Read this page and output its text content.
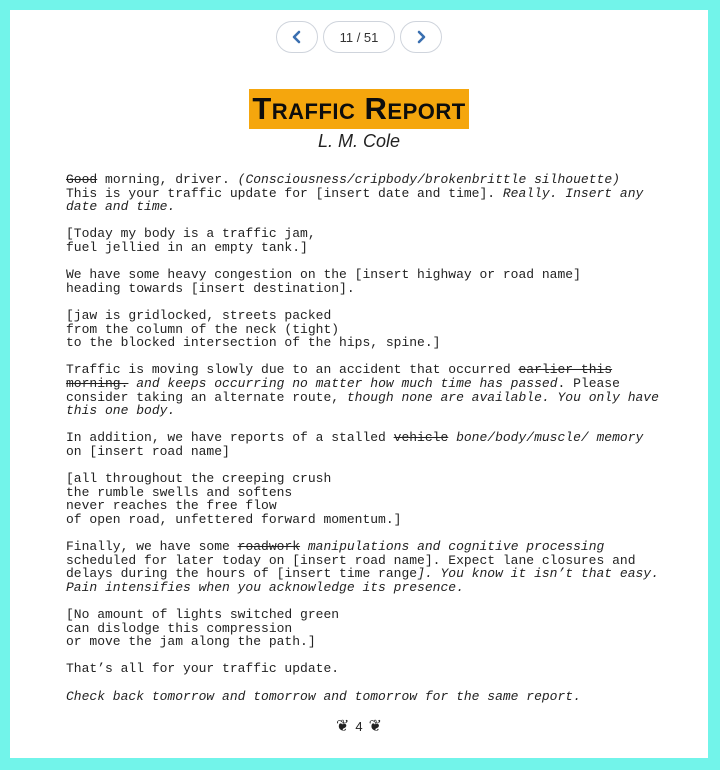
11 / 51
Traffic Report
L. M. Cole

Good morning, driver. (Consciousness/cripbody/brokenbrittle silhouette)
This is your traffic update for [insert date and time]. Really. Insert any date and time.

[Today my body is a traffic jam,
fuel jellied in an empty tank.]

We have some heavy congestion on the [insert highway or road name]
heading towards [insert destination].

[jaw is gridlocked, streets packed
from the column of the neck (tight)
to the blocked intersection of the hips, spine.]

Traffic is moving slowly due to an accident that occurred earlier this morning. and keeps occurring no matter how much time has passed. Please consider taking an alternate route, though none are available. You only have this one body.

In addition, we have reports of a stalled vehicle bone/body/muscle/ memory on [insert road name]

[all throughout the creeping crush
the rumble swells and softens
never reaches the free flow
of open road, unfettered forward momentum.]

Finally, we have some roadwork manipulations and cognitive processing
scheduled for later today on [insert road name]. Expect lane closures and delays during the hours of [insert time range]. You know it isn’t that easy. Pain intensifies when you acknowledge its presence.

[No amount of lights switched green
can dislodge this compression
or move the jam along the path.]

That’s all for your traffic update.

Check back tomorrow and tomorrow and tomorrow for the same report.

❦ 4 ❦
